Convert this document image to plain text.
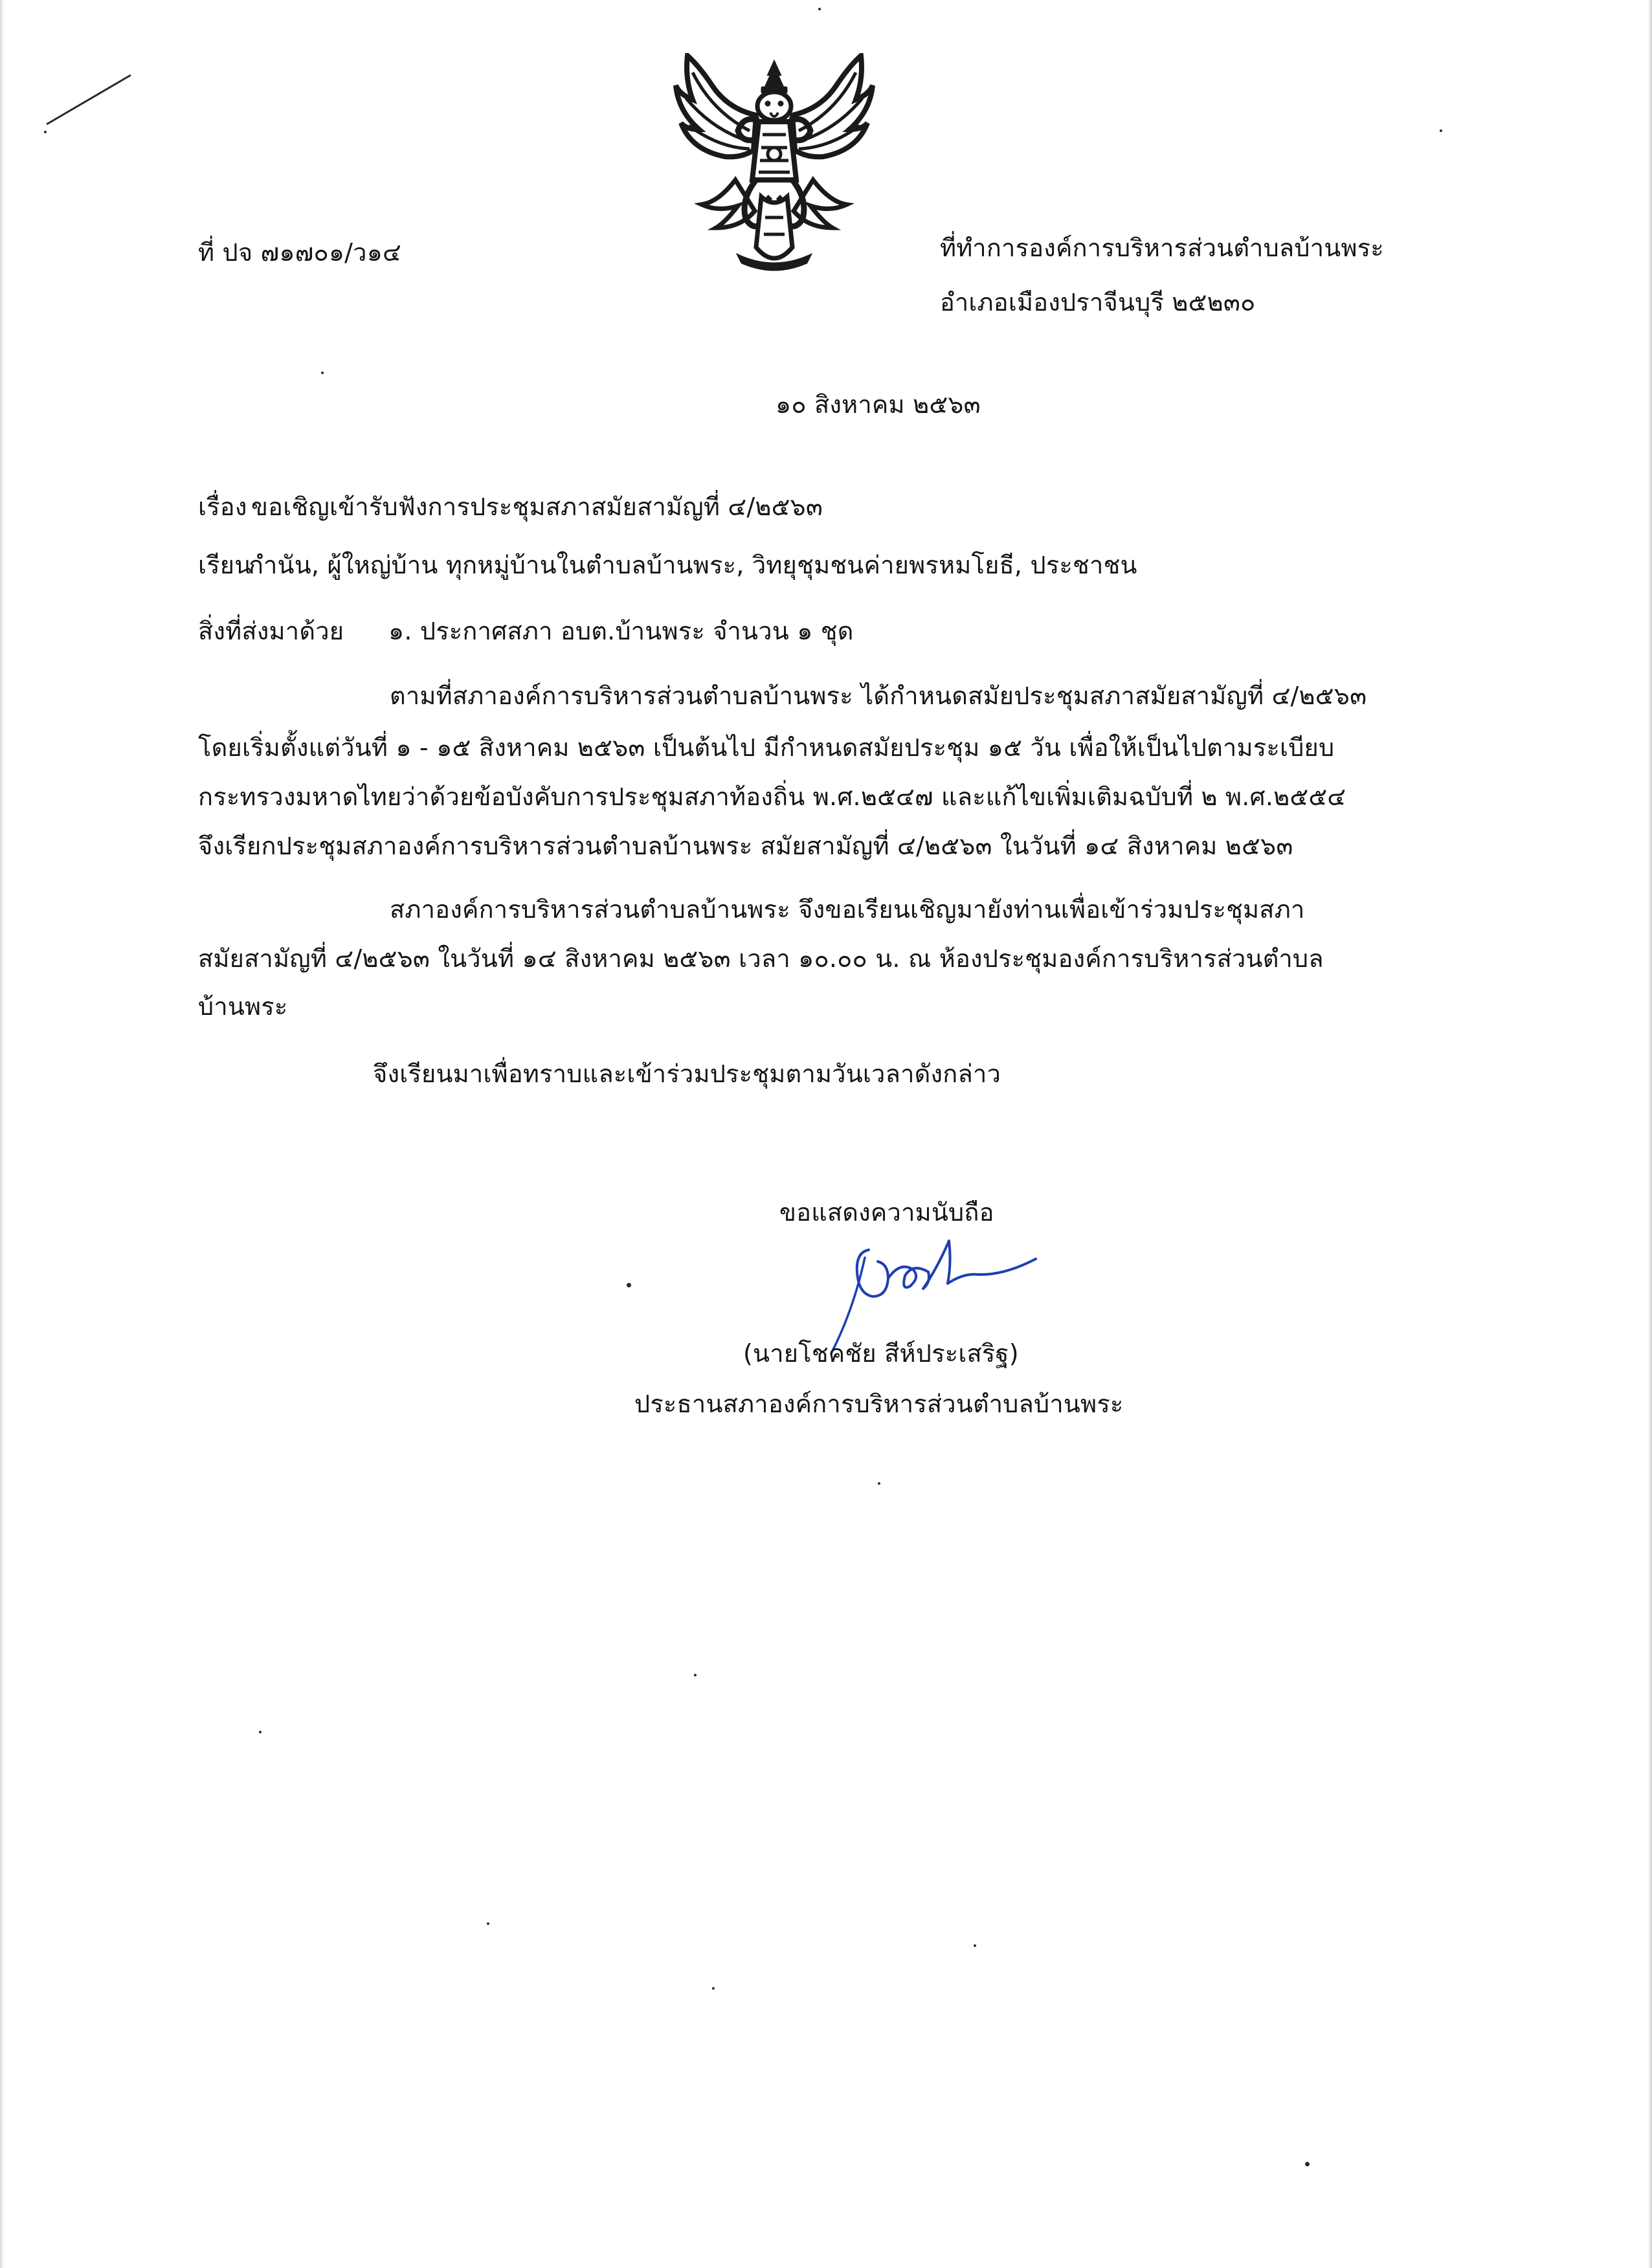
ที่ ปจ ๗๑๗๐๑/ว๑๔	ที่ทำการองค์การบริหารส่วนตำบลบ้านพระ
อำเภอเมืองปราจีนบุรี ๒๕๒๓๐
๑๐ สิงหาคม ๒๕๖๓
เรื่อง ขอเชิญเข้ารับฟังการประชุมสภาสมัยสามัญที่ ๔/๒๕๖๓
เรียน
กำนัน, ผู้ใหญ่บ้าน ทุกหมู่บ้านในตำบลบ้านพระ, วิทยุชุมชนค่ายพรหมโยธี, ประชาชน
สิ่งที่ส่งมาด้วย ๑. ประกาศสภา อบต.บ้านพระ จำนวน ๑ ชุด
ตามที่สภาองค์การบริหารส่วนตำบลบ้านพระ ได้กำหนดสมัยประชุมสภาสมัยสามัญที่ ๔/๒๕๖๓
โดยเริ่มตั้งแต่วันที่ ๑ - ๑๕ สิงหาคม ๒๕๖๓ เป็นต้นไป มีกำหนดสมัยประชุม ๑๕ วัน เพื่อให้เป็นไปตามระเบียบ
กระทรวงมหาดไทยว่าด้วยข้อบังคับการประชุมสภาท้องถิ่น พ.ศ.๒๕๔๗ และแก้ไขเพิ่มเติมฉบับที่ ๒ พ.ศ.๒๕๕๔
จึงเรียกประชุมสภาองค์การบริหารส่วนตำบลบ้านพระ สมัยสามัญที่ ๔/๒๕๖๓ ในวันที่ ๑๔ สิงหาคม ๒๕๖๓
สภาองค์การบริหารส่วนตำบลบ้านพระ จึงขอเรียนเชิญมายังท่านเพื่อเข้าร่วมประชุมสภา
สมัยสามัญที่ ๔/๒๕๖๓ ในวันที่ ๑๔ สิงหาคม ๒๕๖๓ เวลา ๑๐.๐๐ น. ณ ห้องประชุมองค์การบริหารส่วนตำบล
บ้านพระ
จึงเรียนมาเพื่อทราบและเข้าร่วมประชุมตามวันเวลาดังกล่าว
ขอแสดงความนับถือ
(นายโชคชัย สีห์ประเสริฐ)
ประธานสภาองค์การบริหารส่วนตำบลบ้านพระ
